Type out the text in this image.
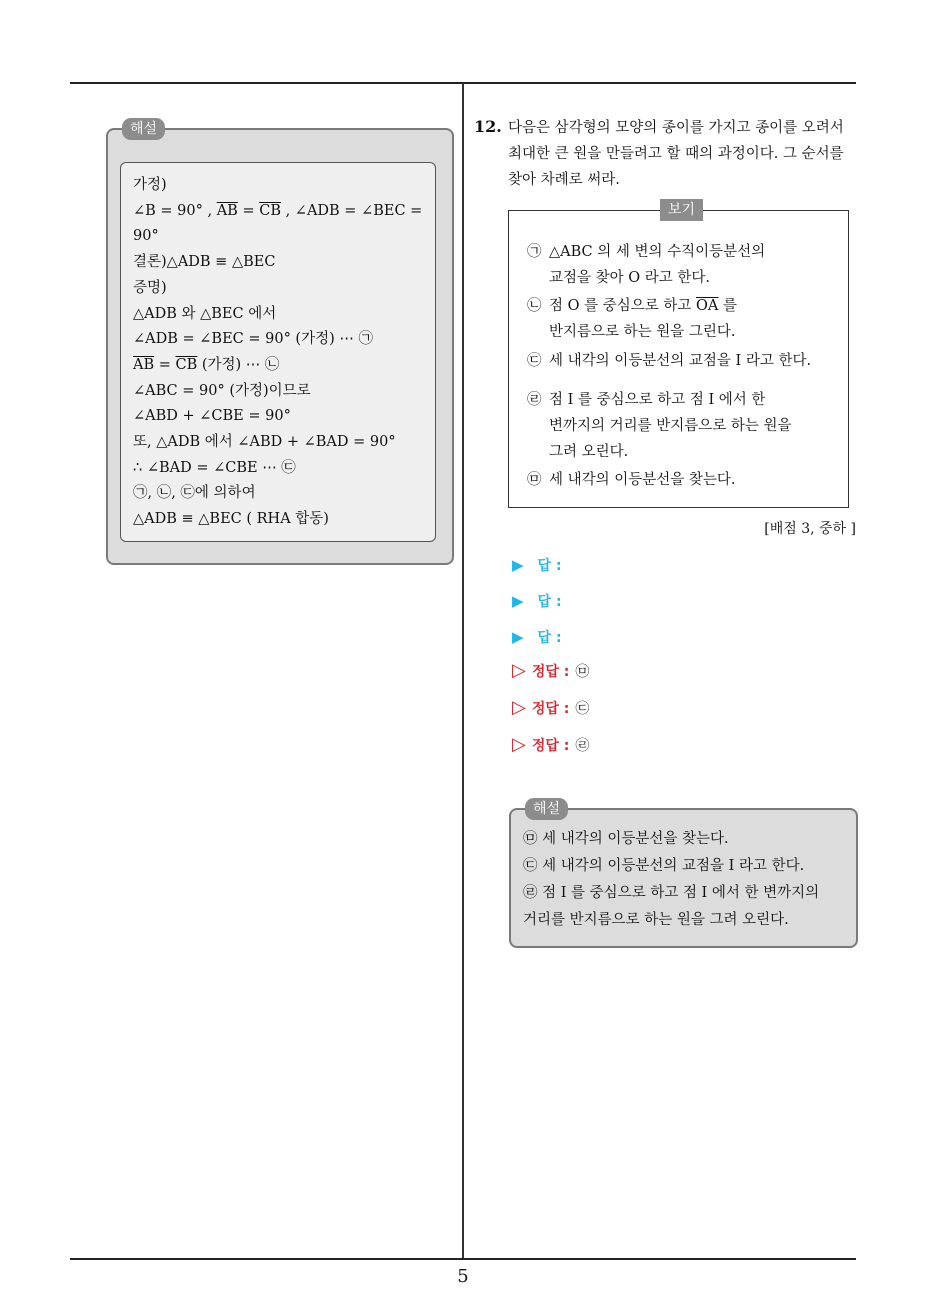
해설
가정)
∠B = 90° , $\overline{AB} = \overline{CB}$ , ∠ADB = ∠BEC =
90°
결론)△ADB ≡ △BEC
증명)
△ADB 와 △BEC 에서
∠ADB = ∠BEC = 90° (가정) ⋯ ㉠
$\overline{AB} = \overline{CB}$ (가정) ⋯ ㉡
∠ABC = 90° (가정)이므로
∠ABD + ∠CBE = 90°
또, △ADB 에서 ∠ABD + ∠BAD = 90°
∴ ∠BAD = ∠CBE ⋯ ㉢
㉠, ㉡, ㉢에 의하여
△ADB ≡ △BEC ( RHA 합동)
12. 다음은 삼각형의 모양의 종이를 가지고 종이를 오려서 최대한 큰 원을 만들려고 할 때의 과정이다. 그 순서를 찾아 차례로 써라.
보기
㉠ △ABC 의 세 변의 수직이등분선의
교점을 찾아 O 라고 한다.
㉡ 점 O 를 중심으로 하고 $\overline{OA}$ 를
반지름으로 하는 원을 그린다.
㉢ 세 내각의 이등분선의 교점을 I 라고 한다.
㉣ 점 I 를 중심으로 하고 점 I 에서 한
변까지의 거리를 반지름으로 하는 원을
그려 오린다.
㉤ 세 내각의 이등분선을 찾는다.
[배점 3, 중하 ]
▶ 답 :
▶ 답 :
▶ 답 :
▷ 정답 : ㉤
▷ 정답 : ㉢
▷ 정답 : ㉣
해설
㉤ 세 내각의 이등분선을 찾는다.
㉢ 세 내각의 이등분선의 교점을 I 라고 한다.
㉣ 점 I 를 중심으로 하고 점 I 에서 한 변까지의
거리를 반지름으로 하는 원을 그려 오린다.
5
